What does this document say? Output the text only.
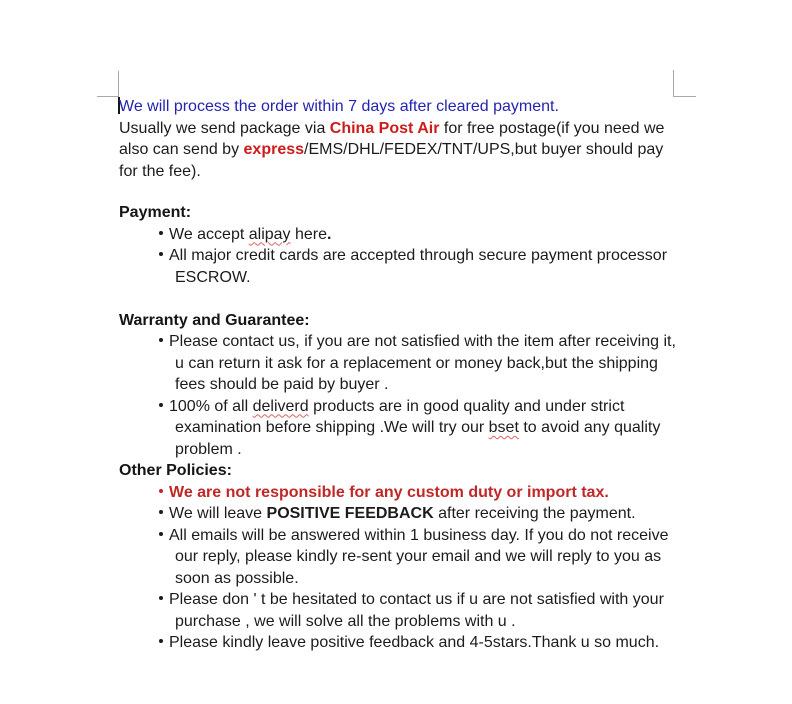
We will process the order within 7 days after cleared payment.
Usually we send package via China Post Air for free postage(if you need we
also can send by express/EMS/DHL/FEDEX/TNT/UPS,but buyer should pay
for the fee).
Payment:
We accept alipay here.
All major credit cards are accepted through secure payment processor
ESCROW.
Warranty and Guarantee:
Please contact us, if you are not satisfied with the item after receiving it,
u can return it ask for a replacement or money back,but the shipping
fees should be paid by buyer .
100% of all deliverd products are in good quality and under strict
examination before shipping .We will try our bset to avoid any quality
problem .
Other Policies:
We are not responsible for any custom duty or import tax.
We will leave POSITIVE FEEDBACK after receiving the payment.
All emails will be answered within 1 business day. If you do not receive
our reply, please kindly re-sent your email and we will reply to you as
soon as possible.
Please don ' t be hesitated to contact us if u are not satisfied with your
purchase , we will solve all the problems with u .
Please kindly leave positive feedback and 4-5stars.Thank u so much.
